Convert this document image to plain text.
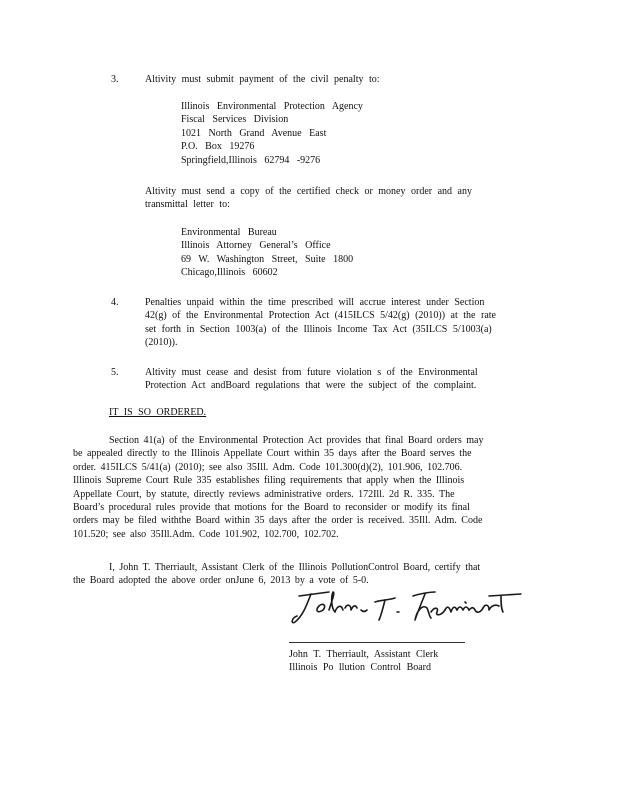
3.	Altivity must submit payment of the civil penalty to:
Illinois Environmental Protection Agency
Fiscal Services Division
1021 North Grand Avenue East
P.O. Box 19276
Springfield,Illinois 62794 -9276
Altivity must send a copy of the certified check or money order and any
transmittal letter to:
Environmental Bureau
Illinois Attorney General’s Office
69 W. Washington Street, Suite 1800
Chicago,Illinois 60602
4.	Penalties unpaid within the time prescribed will accrue interest under Section
42(g) of the Environmental Protection Act (415ILCS 5/42(g) (2010)) at the rate
set forth in Section 1003(a) of the Illinois Income Tax Act (35ILCS 5/1003(a)
(2010)).
5.	Altivity must cease and desist from future violation s of the Environmental
Protection Act andBoard regulations that were the subject of the complaint.
IT IS SO ORDERED.
Section 41(a) of the Environmental Protection Act provides that final Board orders may
be appealed directly to the Illinois Appellate Court within 35 days after the Board serves the
order. 415ILCS 5/41(a) (2010); see also 35Ill. Adm. Code 101.300(d)(2), 101.906, 102.706.
Illinois Supreme Court Rule 335 establishes filing requirements that apply when the Illinois
Appellate Court, by statute, directly reviews administrative orders. 172Ill. 2d R. 335. The
Board’s procedural rules provide that motions for the Board to reconsider or modify its final
orders may be filed withthe Board within 35 days after the order is received. 35Ill. Adm. Code
101.520; see also 35Ill.Adm. Code 101.902, 102.700, 102.702.
I, John T. Therriault, Assistant Clerk of the Illinois PollutionControl Board, certify that
the Board adopted the above order onJune 6, 2013 by a vote of 5-0.
John T. Therriault, Assistant Clerk
Illinois Po llution Control Board
